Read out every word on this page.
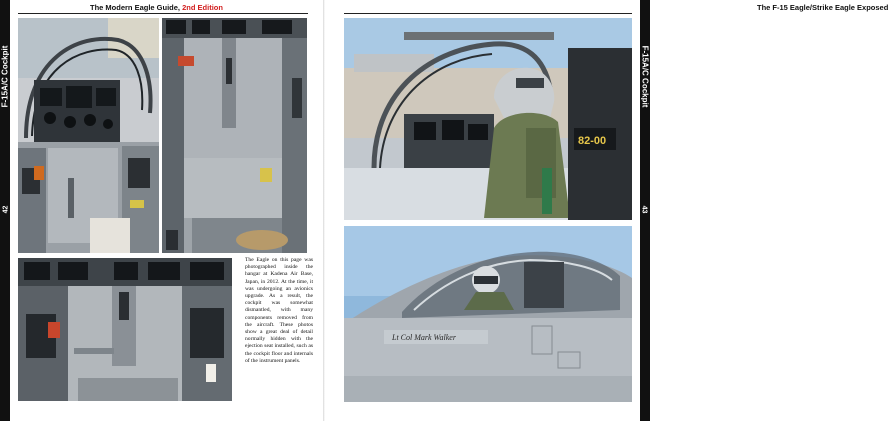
F-15A/C Cockpit
42
The Modern Eagle Guide, 2nd Edition
The Eagle on this page was photographed inside the hangar at Kadena Air Base, Japan, in 2012. At the time, it was undergoing an avionics upgrade. As a result, the cockpit was somewhat dismantled, with many components removed from the aircraft. These photos show a great deal of detail normally hidden with the ejection seat installed, such as the cockpit floor and internals of the instrument panels.
F-15A/C Cockpit
43
The F-15 Eagle/Strike Eagle Exposed
82-00
Lt Col Mark Walker
